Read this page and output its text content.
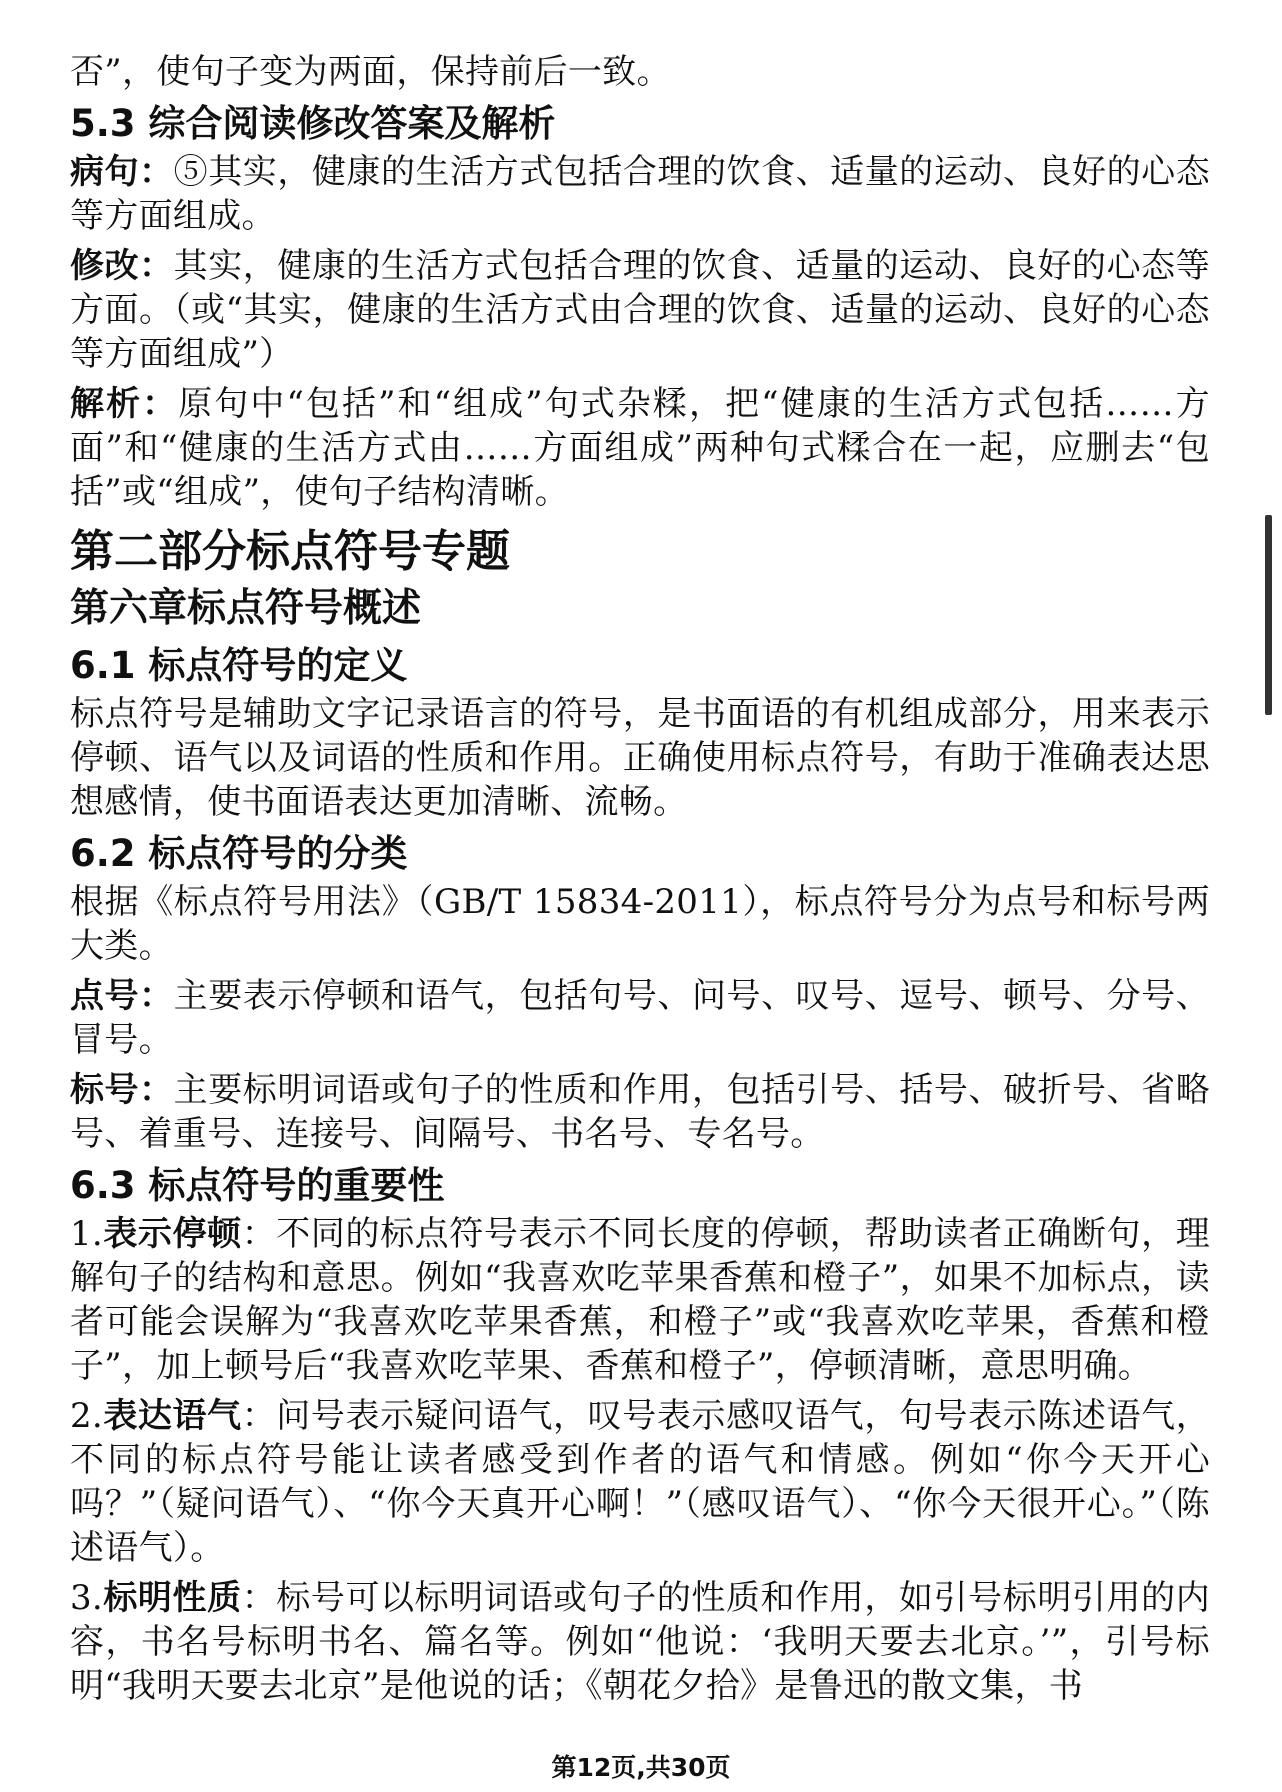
否”，使句子变为两面，保持前后一致。

5.3 综合阅读修改答案及解析

病句：⑤其实，健康的生活方式包括合理的饮食、适量的运动、良好的心态等方面组成。

修改：其实，健康的生活方式包括合理的饮食、适量的运动、良好的心态等方面。（或“其实，健康的生活方式由合理的饮食、适量的运动、良好的心态等方面组成”）

解析：原句中“包括”和“组成”句式杂糅，把“健康的生活方式包括……方面”和“健康的生活方式由……方面组成”两种句式糅合在一起，应删去“包括”或“组成”，使句子结构清晰。

第二部分标点符号专题
第六章标点符号概述
6.1 标点符号的定义

标点符号是辅助文字记录语言的符号，是书面语的有机组成部分，用来表示停顿、语气以及词语的性质和作用。正确使用标点符号，有助于准确表达思想感情，使书面语表达更加清晰、流畅。

6.2 标点符号的分类

根据《标点符号用法》（GB/T 15834-2011），标点符号分为点号和标号两大类。

点号：主要表示停顿和语气，包括句号、问号、叹号、逗号、顿号、分号、冒号。

标号：主要标明词语或句子的性质和作用，包括引号、括号、破折号、省略号、着重号、连接号、间隔号、书名号、专名号。

6.3 标点符号的重要性

1.表示停顿：不同的标点符号表示不同长度的停顿，帮助读者正确断句，理解句子的结构和意思。例如“我喜欢吃苹果香蕉和橙子”，如果不加标点，读者可能会误解为“我喜欢吃苹果香蕉，和橙子”或“我喜欢吃苹果，香蕉和橙子”，加上顿号后“我喜欢吃苹果、香蕉和橙子”，停顿清晰，意思明确。

2.表达语气：问号表示疑问语气，叹号表示感叹语气，句号表示陈述语气，不同的标点符号能让读者感受到作者的语气和情感。例如“你今天开心吗？”（疑问语气）、“你今天真开心啊！”（感叹语气）、“你今天很开心。”（陈述语气）。

3.标明性质：标号可以标明词语或句子的性质和作用，如引号标明引用的内容，书名号标明书名、篇名等。例如“他说：‘我明天要去北京。’”，引号标明“我明天要去北京”是他说的话；《朝花夕拾》是鲁迅的散文集，书

第12页,共30页
